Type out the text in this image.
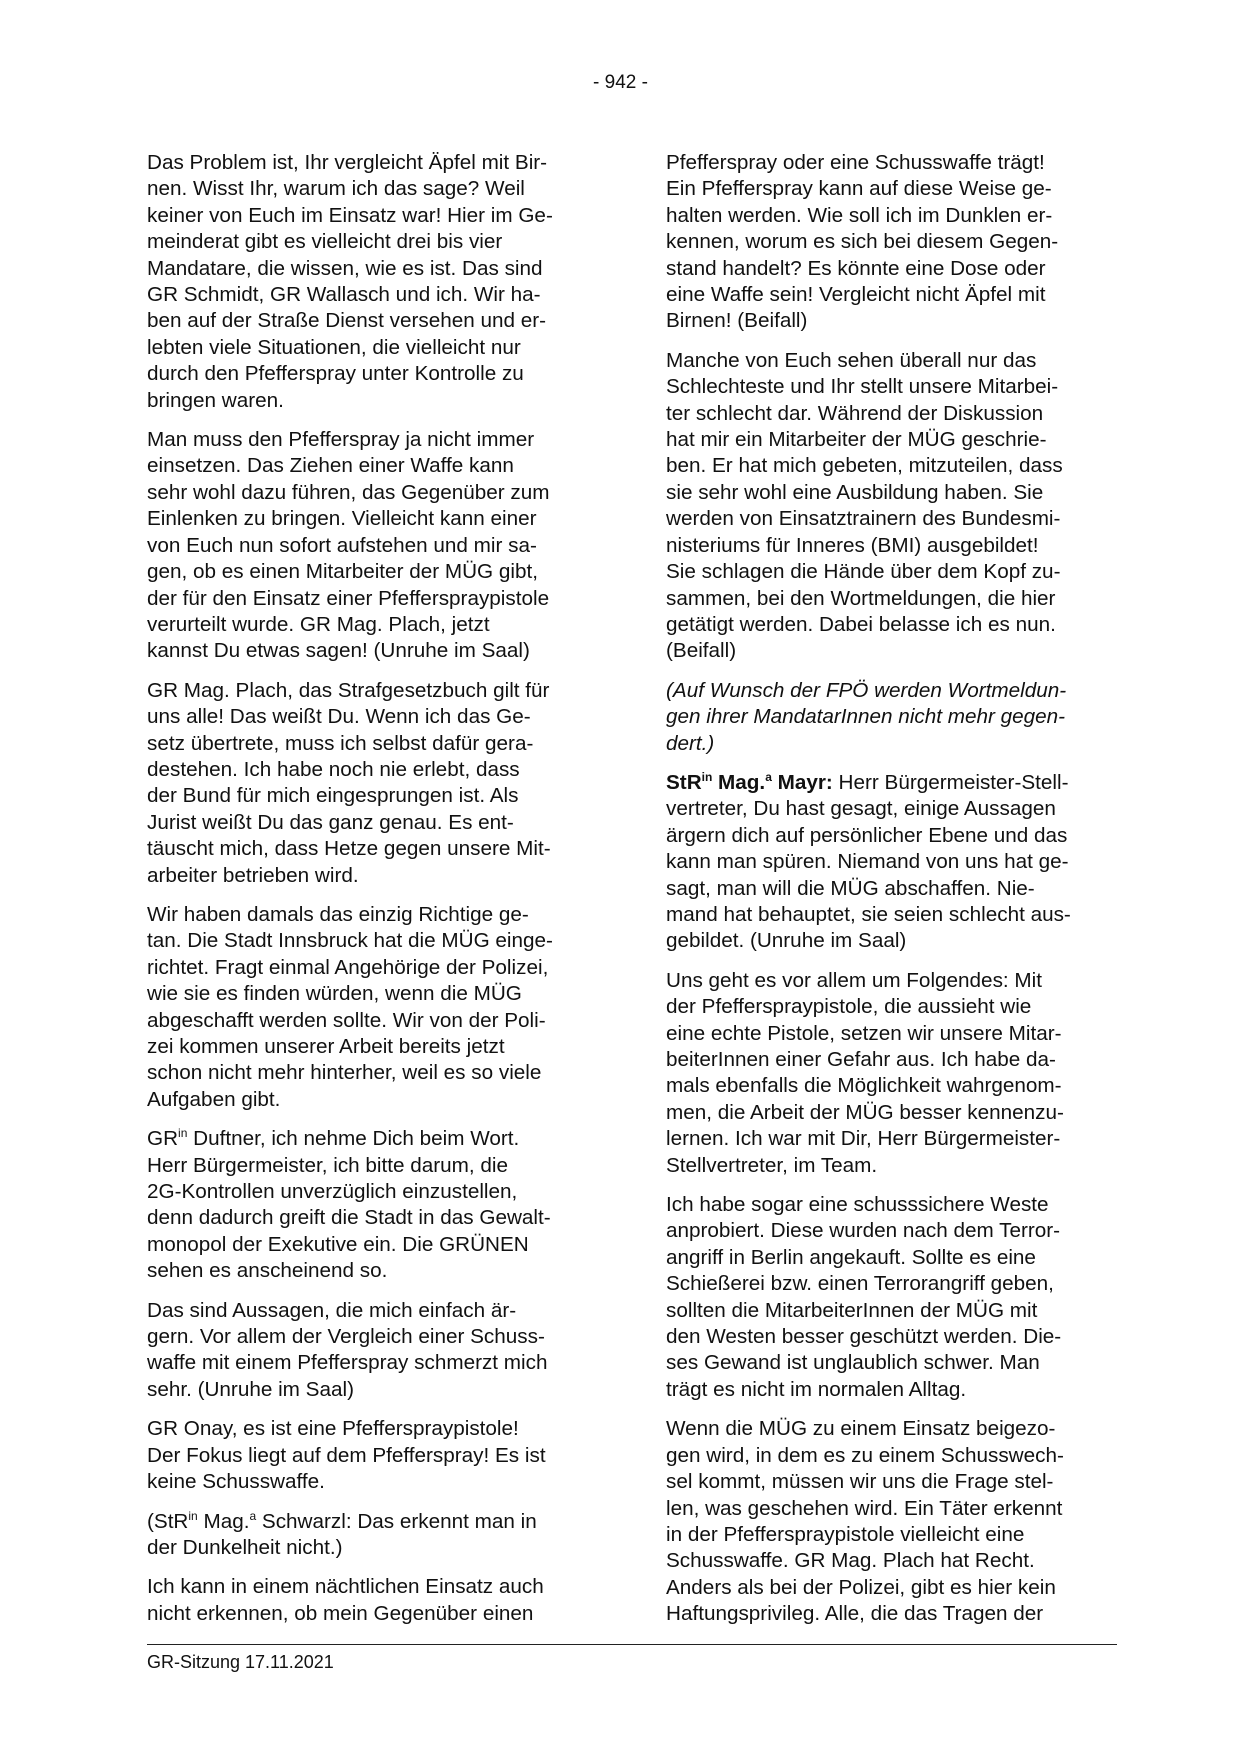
- 942 -

Das Problem ist, Ihr vergleicht Äpfel mit Bir-
nen. Wisst Ihr, warum ich das sage? Weil
keiner von Euch im Einsatz war! Hier im Ge-
meinderat gibt es vielleicht drei bis vier
Mandatare, die wissen, wie es ist. Das sind
GR Schmidt, GR Wallasch und ich. Wir ha-
ben auf der Straße Dienst versehen und er-
lebten viele Situationen, die vielleicht nur
durch den Pfefferspray unter Kontrolle zu
bringen waren.

Man muss den Pfefferspray ja nicht immer
einsetzen. Das Ziehen einer Waffe kann
sehr wohl dazu führen, das Gegenüber zum
Einlenken zu bringen. Vielleicht kann einer
von Euch nun sofort aufstehen und mir sa-
gen, ob es einen Mitarbeiter der MÜG gibt,
der für den Einsatz einer Pfefferspraypistole
verurteilt wurde. GR Mag. Plach, jetzt
kannst Du etwas sagen! (Unruhe im Saal)

GR Mag. Plach, das Strafgesetzbuch gilt für
uns alle! Das weißt Du. Wenn ich das Ge-
setz übertrete, muss ich selbst dafür gera-
destehen. Ich habe noch nie erlebt, dass
der Bund für mich eingesprungen ist. Als
Jurist weißt Du das ganz genau. Es ent-
täuscht mich, dass Hetze gegen unsere Mit-
arbeiter betrieben wird.

Wir haben damals das einzig Richtige ge-
tan. Die Stadt Innsbruck hat die MÜG einge-
richtet. Fragt einmal Angehörige der Polizei,
wie sie es finden würden, wenn die MÜG
abgeschafft werden sollte. Wir von der Poli-
zei kommen unserer Arbeit bereits jetzt
schon nicht mehr hinterher, weil es so viele
Aufgaben gibt.

$GR^{in}$ Duftner, ich nehme Dich beim Wort.
Herr Bürgermeister, ich bitte darum, die
2G-Kontrollen unverzüglich einzustellen,
denn dadurch greift die Stadt in das Gewalt-
monopol der Exekutive ein. Die GRÜNEN
sehen es anscheinend so.

Das sind Aussagen, die mich einfach är-
gern. Vor allem der Vergleich einer Schuss-
waffe mit einem Pfefferspray schmerzt mich
sehr. (Unruhe im Saal)

GR Onay, es ist eine Pfefferspraypistole!
Der Fokus liegt auf dem Pfefferspray! Es ist
keine Schusswaffe.

(StR$^{in}$ Mag.$^a$ Schwarzl: Das erkennt man in
der Dunkelheit nicht.)

Ich kann in einem nächtlichen Einsatz auch
nicht erkennen, ob mein Gegenüber einen

Pfefferspray oder eine Schusswaffe trägt!
Ein Pfefferspray kann auf diese Weise ge-
halten werden. Wie soll ich im Dunklen er-
kennen, worum es sich bei diesem Gegen-
stand handelt? Es könnte eine Dose oder
eine Waffe sein! Vergleicht nicht Äpfel mit
Birnen! (Beifall)

Manche von Euch sehen überall nur das
Schlechteste und Ihr stellt unsere Mitarbei-
ter schlecht dar. Während der Diskussion
hat mir ein Mitarbeiter der MÜG geschrie-
ben. Er hat mich gebeten, mitzuteilen, dass
sie sehr wohl eine Ausbildung haben. Sie
werden von Einsatztrainern des Bundesmi-
nisteriums für Inneres (BMI) ausgebildet!
Sie schlagen die Hände über dem Kopf zu-
sammen, bei den Wortmeldungen, die hier
getätigt werden. Dabei belasse ich es nun.
(Beifall)

(Auf Wunsch der FPÖ werden Wortmeldun-
gen ihrer MandatarInnen nicht mehr gegen-
dert.)

StR$^{in}$ Mag.$^a$ Mayr: Herr Bürgermeister-Stell-
vertreter, Du hast gesagt, einige Aussagen
ärgern dich auf persönlicher Ebene und das
kann man spüren. Niemand von uns hat ge-
sagt, man will die MÜG abschaffen. Nie-
mand hat behauptet, sie seien schlecht aus-
gebildet. (Unruhe im Saal)

Uns geht es vor allem um Folgendes: Mit
der Pfefferspraypistole, die aussieht wie
eine echte Pistole, setzen wir unsere Mitar-
beiterInnen einer Gefahr aus. Ich habe da-
mals ebenfalls die Möglichkeit wahrgenom-
men, die Arbeit der MÜG besser kennenzu-
lernen. Ich war mit Dir, Herr Bürgermeister-
Stellvertreter, im Team.

Ich habe sogar eine schusssichere Weste
anprobiert. Diese wurden nach dem Terror-
angriff in Berlin angekauft. Sollte es eine
Schießerei bzw. einen Terrorangriff geben,
sollten die MitarbeiterInnen der MÜG mit
den Westen besser geschützt werden. Die-
ses Gewand ist unglaublich schwer. Man
trägt es nicht im normalen Alltag.

Wenn die MÜG zu einem Einsatz beigezo-
gen wird, in dem es zu einem Schusswech-
sel kommt, müssen wir uns die Frage stel-
len, was geschehen wird. Ein Täter erkennt
in der Pfefferspraypistole vielleicht eine
Schusswaffe. GR Mag. Plach hat Recht.
Anders als bei der Polizei, gibt es hier kein
Haftungsprivileg. Alle, die das Tragen der

GR-Sitzung 17.11.2021
